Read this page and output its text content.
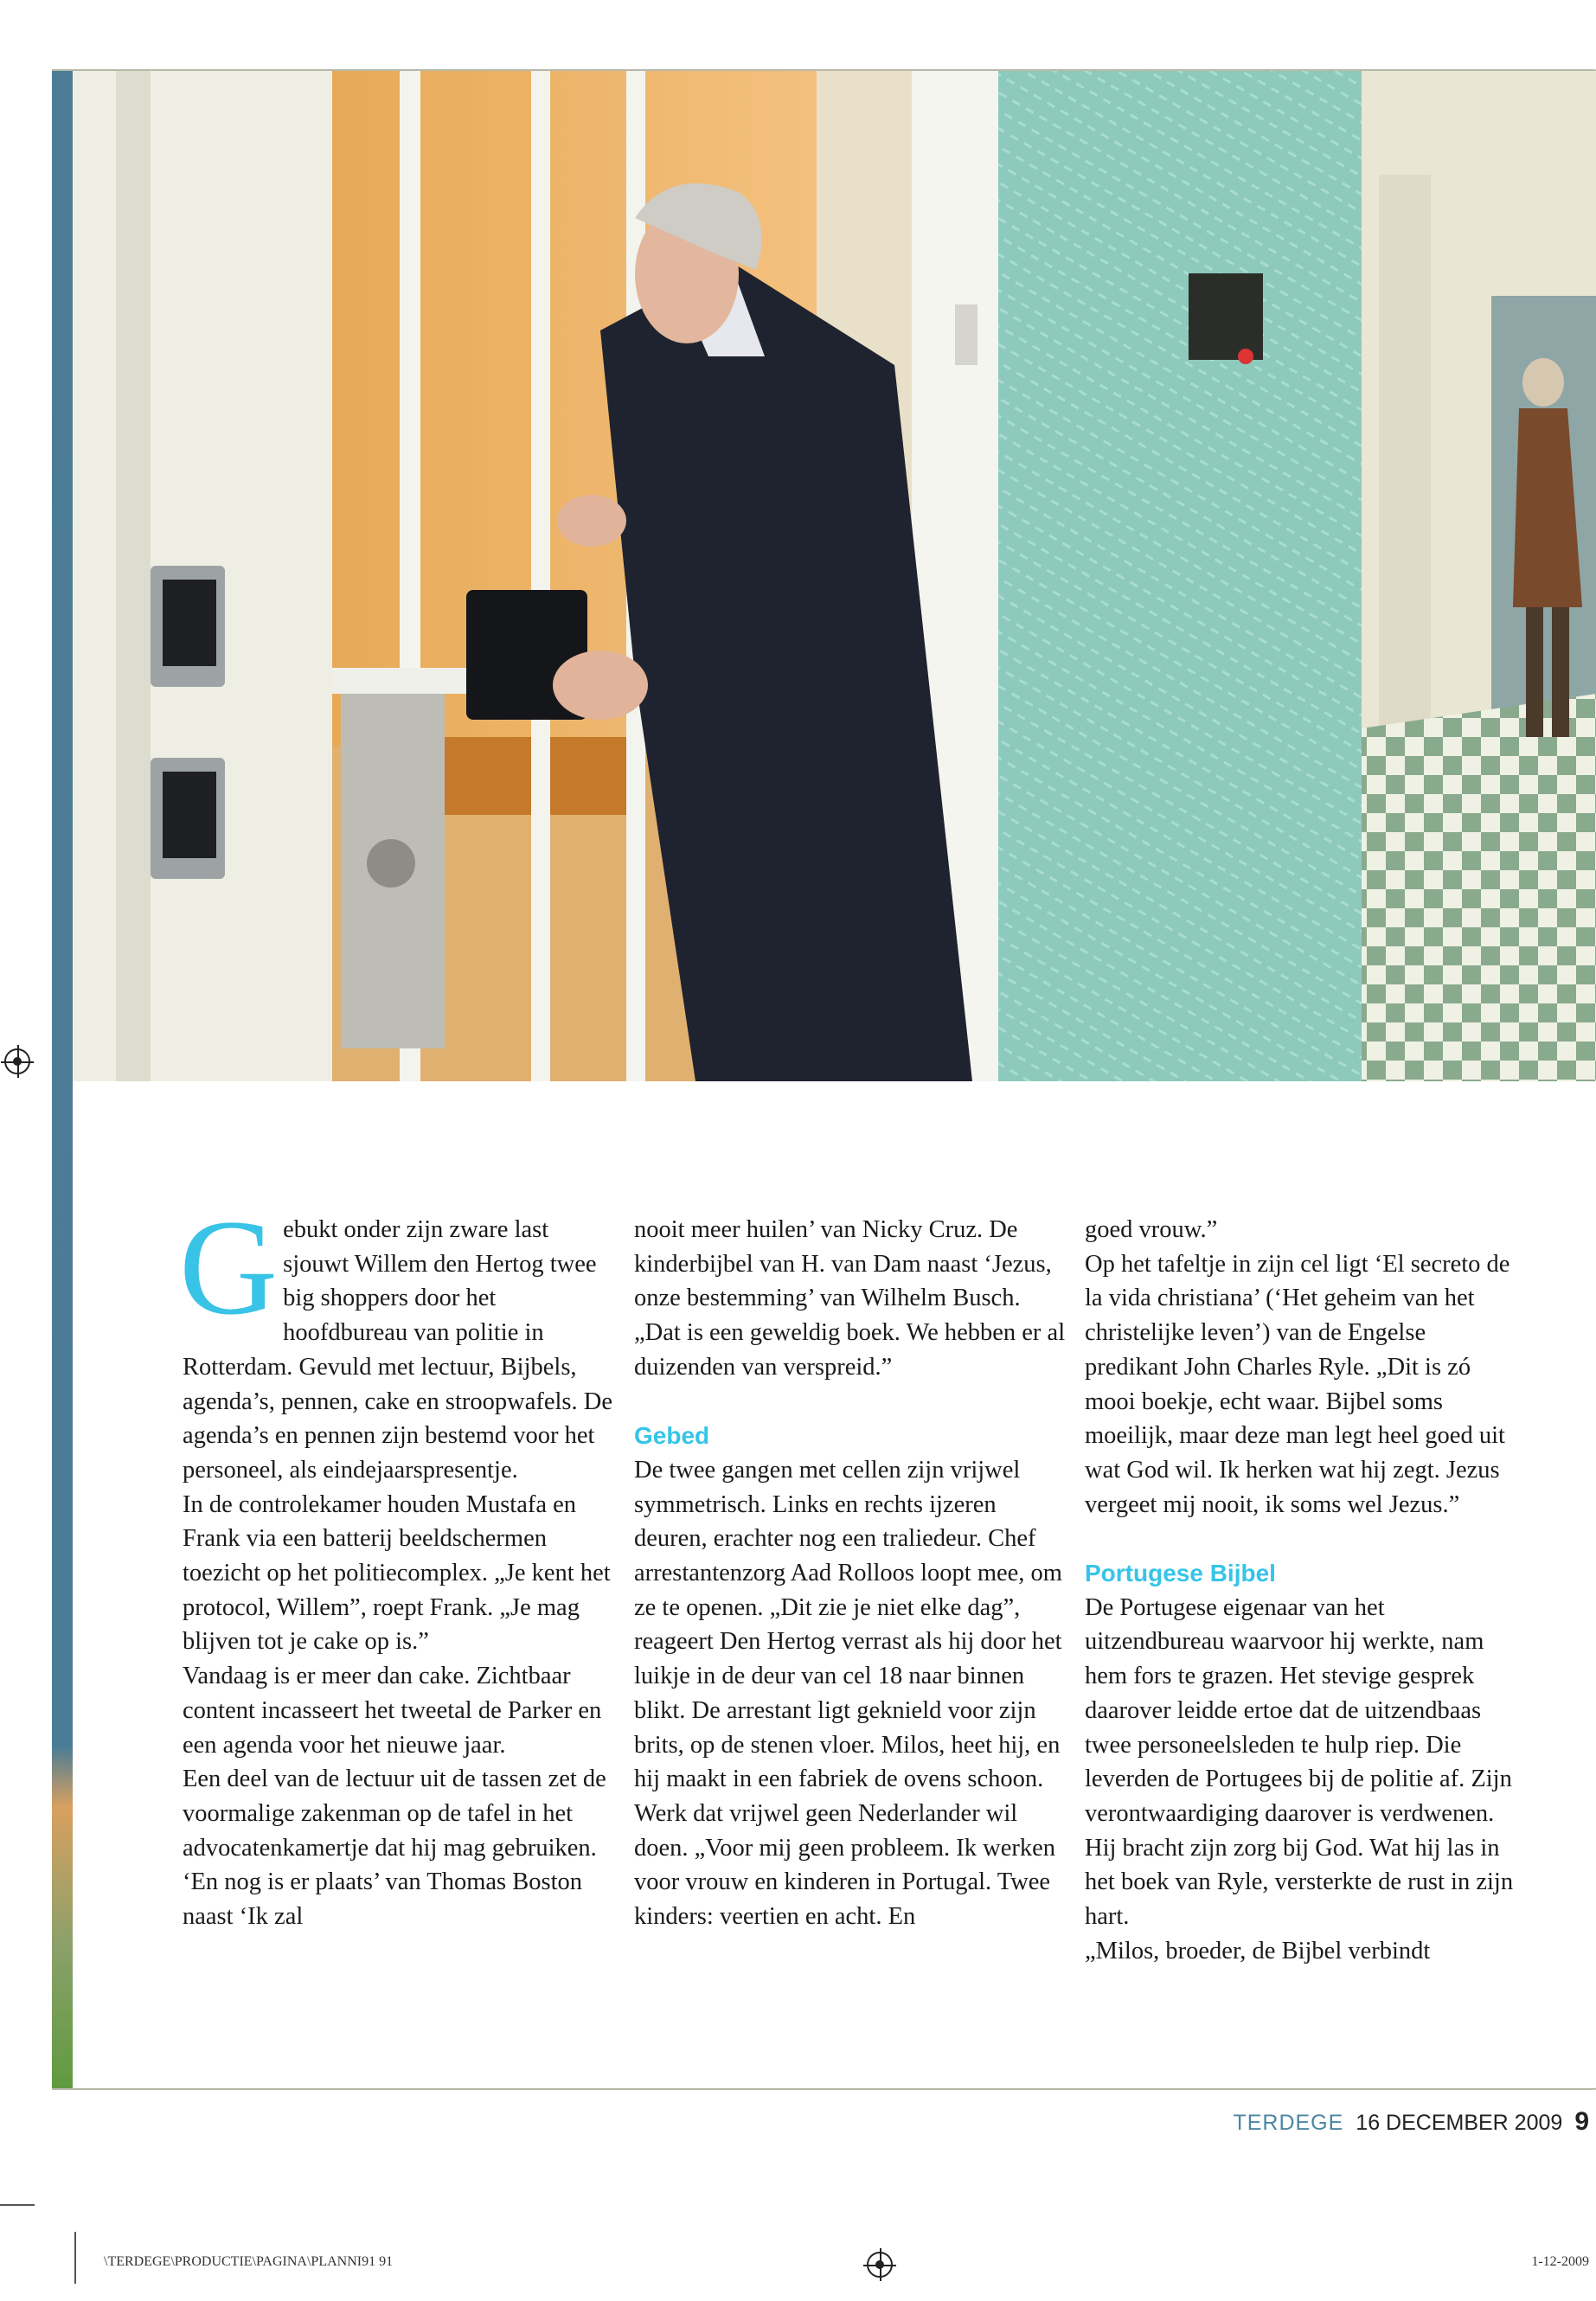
Gebukt onder zijn zware last sjouwt Willem den Hertog twee big shoppers door het hoofdbureau van politie in Rotterdam. Gevuld met lectuur, Bijbels, agenda’s, pennen, cake en stroopwafels. De agenda’s en pennen zijn bestemd voor het personeel, als eindejaarspresentje.

In de controlekamer houden Mustafa en Frank via een batterij beeldschermen toezicht op het politiecomplex. „Je kent het protocol, Willem”, roept Frank. „Je mag blijven tot je cake op is.”

Vandaag is er meer dan cake. Zichtbaar content incasseert het tweetal de Parker en een agenda voor het nieuwe jaar.

Een deel van de lectuur uit de tassen zet de voormalige zakenman op de tafel in het advocatenkamertje dat hij mag gebruiken. ‘En nog is er plaats’ van Thomas Boston naast ‘Ik zal

nooit meer huilen’ van Nicky Cruz. De kinderbijbel van H. van Dam naast ‘Jezus, onze bestemming’ van Wilhelm Busch. „Dat is een geweldig boek. We hebben er al duizenden van verspreid.”

Gebed

De twee gangen met cellen zijn vrijwel symmetrisch. Links en rechts ijzeren deuren, erachter nog een traliedeur. Chef arrestantenzorg Aad Rolloos loopt mee, om ze te openen. „Dit zie je niet elke dag”, reageert Den Hertog verrast als hij door het luikje in de deur van cel 18 naar binnen blikt. De arrestant ligt geknield voor zijn brits, op de stenen vloer. Milos, heet hij, en hij maakt in een fabriek de ovens schoon. Werk dat vrijwel geen Nederlander wil doen. „Voor mij geen probleem. Ik werken voor vrouw en kinderen in Portugal. Twee kinders: veertien en acht. En

goed vrouw.”

Op het tafeltje in zijn cel ligt ‘El secreto de la vida christiana’ (‘Het geheim van het christelijke leven’) van de Engelse predikant John Charles Ryle. „Dit is zó mooi boekje, echt waar. Bijbel soms moeilijk, maar deze man legt heel goed uit wat God wil. Ik herken wat hij zegt. Jezus vergeet mij nooit, ik soms wel Jezus.”

Portugese Bijbel

De Portugese eigenaar van het uitzendbureau waarvoor hij werkte, nam hem fors te grazen. Het stevige gesprek daarover leidde ertoe dat de uitzendbaas twee personeelsleden te hulp riep. Die leverden de Portugees bij de politie af. Zijn verontwaardiging daarover is verdwenen. Hij bracht zijn zorg bij God. Wat hij las in het boek van Ryle, versterkte de rust in zijn hart.

„Milos, broeder, de Bijbel verbindt

TERDEGE 16 DECEMBER 2009 9
\TERDEGE\PRODUCTIE\PAGINA\PLANNI91 91	1-12-2009
